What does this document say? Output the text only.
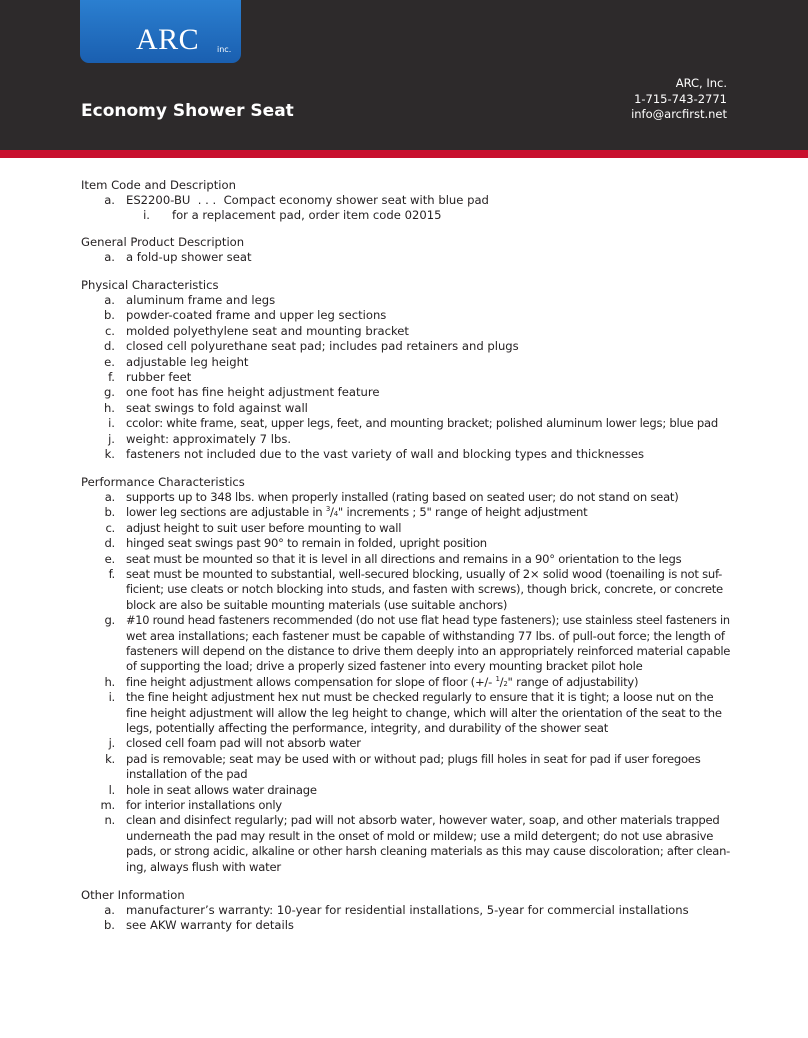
ARC inc.
Economy Shower Seat
ARC, Inc.
1-715-743-2771
info@arcfirst.net
Item Code and Description
a. ES2200-BU  . . .  Compact economy shower seat with blue pad
i. for a replacement pad, order item code 02015
General Product Description
a. a fold-up shower seat
Physical Characteristics
a. aluminum frame and legs
b. powder-coated frame and upper leg sections
c. molded polyethylene seat and mounting bracket
d. closed cell polyurethane seat pad; includes pad retainers and plugs
e. adjustable leg height
f. rubber feet
g. one foot has fine height adjustment feature
h. seat swings to fold against wall
i. ccolor: white frame, seat, upper legs, feet, and mounting bracket; polished aluminum lower legs; blue pad
j. weight: approximately 7 lbs.
k. fasteners not included due to the vast variety of wall and blocking types and thicknesses
Performance Characteristics
a. supports up to 348 lbs. when properly installed (rating based on seated user; do not stand on seat)
b. lower leg sections are adjustable in $^3$/4" increments ; 5" range of height adjustment
c. adjust height to suit user before mounting to wall
d. hinged seat swings past 90° to remain in folded, upright position
e. seat must be mounted so that it is level in all directions and remains in a 90° orientation to the legs
f. seat must be mounted to substantial, well-secured blocking, usually of 2× solid wood (toenailing is not suf-
ficient; use cleats or notch blocking into studs, and fasten with screws), though brick, concrete, or concrete
block are also be suitable mounting materials (use suitable anchors)
g. #10 round head fasteners recommended (do not use flat head type fasteners); use stainless steel fasteners in
wet area installations; each fastener must be capable of withstanding 77 lbs. of pull-out force; the length of
fasteners will depend on the distance to drive them deeply into an appropriately reinforced material capable
of supporting the load; drive a properly sized fastener into every mounting bracket pilot hole
h. fine height adjustment allows compensation for slope of floor (+/- $^1$/2" range of adjustability)
i. the fine height adjustment hex nut must be checked regularly to ensure that it is tight; a loose nut on the
fine height adjustment will allow the leg height to change, which will alter the orientation of the seat to the
legs, potentially affecting the performance, integrity, and durability of the shower seat
j. closed cell foam pad will not absorb water
k. pad is removable; seat may be used with or without pad; plugs fill holes in seat for pad if user foregoes
installation of the pad
l. hole in seat allows water drainage
m. for interior installations only
n. clean and disinfect regularly; pad will not absorb water, however water, soap, and other materials trapped
underneath the pad may result in the onset of mold or mildew; use a mild detergent; do not use abrasive
pads, or strong acidic, alkaline or other harsh cleaning materials as this may cause discoloration; after clean-
ing, always flush with water
Other Information
a. manufacturer’s warranty: 10-year for residential installations, 5-year for commercial installations
b. see AKW warranty for details
